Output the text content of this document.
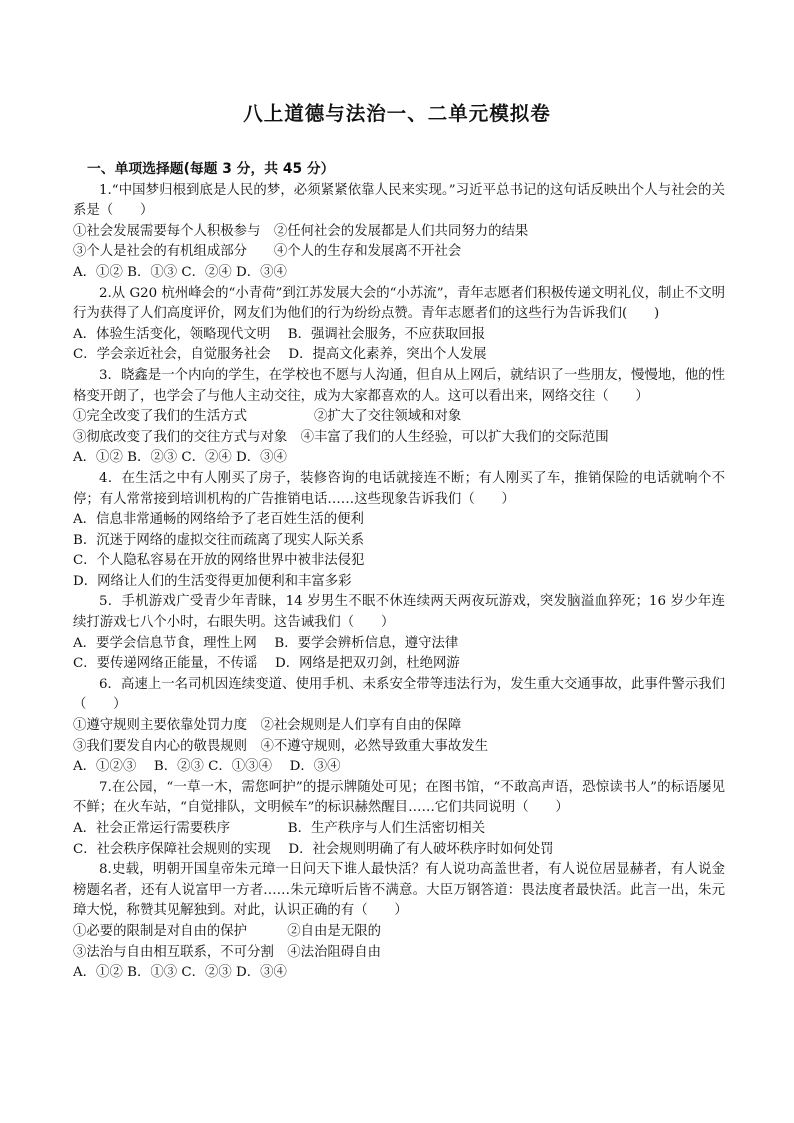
八上道德与法治一、二单元模拟卷
一、单项选择题(每题 3 分，共 45 分）
1.“中国梦归根到底是人民的梦，必须紧紧依靠人民来实现。”习近平总书记的这句话反映出个人与社会的关系是（　　）
①社会发展需要每个人积极参与　②任何社会的发展都是人们共同努力的结果
③个人是社会的有机组成部分　　④个人的生存和发展离不开社会
A．①② B．①③ C．②④ D．③④
2.从 G20 杭州峰会的“小青荷”到江苏发展大会的“小苏流”，青年志愿者们积极传递文明礼仪，制止不文明行为获得了人们高度评价，网友们为他们的行为纷纷点赞。青年志愿者们的这些行为告诉我们(　　)
A．体验生活变化，领略现代文明　 B．强调社会服务，不应获取回报
C．学会亲近社会，自觉服务社会　 D．提高文化素养，突出个人发展
3．晓鑫是一个内向的学生，在学校也不愿与人沟通，但自从上网后，就结识了一些朋友，慢慢地，他的性格变开朗了，也学会了与他人主动交往，成为大家都喜欢的人。这可以看出来，网络交往（　　）
①完全改变了我们的生活方式　　　　　②扩大了交往领域和对象
③彻底改变了我们的交往方式与对象　④丰富了我们的人生经验，可以扩大我们的交际范围
A．①② B．②③ C．②④ D．③④
4．在生活之中有人刚买了房子，装修咨询的电话就接连不断；有人刚买了车，推销保险的电话就响个不停；有人常常接到培训机构的广告推销电话……这些现象告诉我们（　　）
A．信息非常通畅的网络给予了老百姓生活的便利
B．沉迷于网络的虚拟交往而疏离了现实人际关系
C．个人隐私容易在开放的网络世界中被非法侵犯
D．网络让人们的生活变得更加便利和丰富多彩
5．手机游戏广受青少年青睐，14 岁男生不眠不休连续两天两夜玩游戏，突发脑溢血猝死；16 岁少年连续打游戏七八个小时，右眼失明。这告诫我们（　　）
A．要学会信息节食，理性上网　 B．要学会辨析信息，遵守法律
C．要传递网络正能量，不传谣　 D．网络是把双刃剑，杜绝网游
6．高速上一名司机因连续变道、使用手机、未系安全带等违法行为，发生重大交通事故，此事件警示我们（　　）
①遵守规则主要依靠处罚力度　②社会规则是人们享有自由的保障
③我们要发自内心的敬畏规则　④不遵守规则，必然导致重大事故发生
A．①②③　 B．②③ C．①③④　 D．③④
7.在公园，“一草一木，需您呵护”的提示牌随处可见；在图书馆，“不敢高声语，恐惊读书人”的标语屡见不鲜；在火车站，“自觉排队，文明候车”的标识赫然醒目……它们共同说明（　　）
A．社会正常运行需要秩序　　　　 B．生产秩序与人们生活密切相关
C．社会秩序保障社会规则的实现　 D．社会规则明确了有人破坏秩序时如何处罚
8.史载，明朝开国皇帝朱元璋一日问天下谁人最快活？有人说功高盖世者，有人说位居显赫者，有人说金榜题名者，还有人说富甲一方者……朱元璋听后皆不满意。大臣万钢答道：畏法度者最快活。此言一出，朱元璋大悦，称赞其见解独到。对此，认识正确的有（　　）
①必要的限制是对自由的保护　　　②自由是无限的
③法治与自由相互联系，不可分割　④法治阻碍自由
A．①② B．①③ C．②③ D．③④
